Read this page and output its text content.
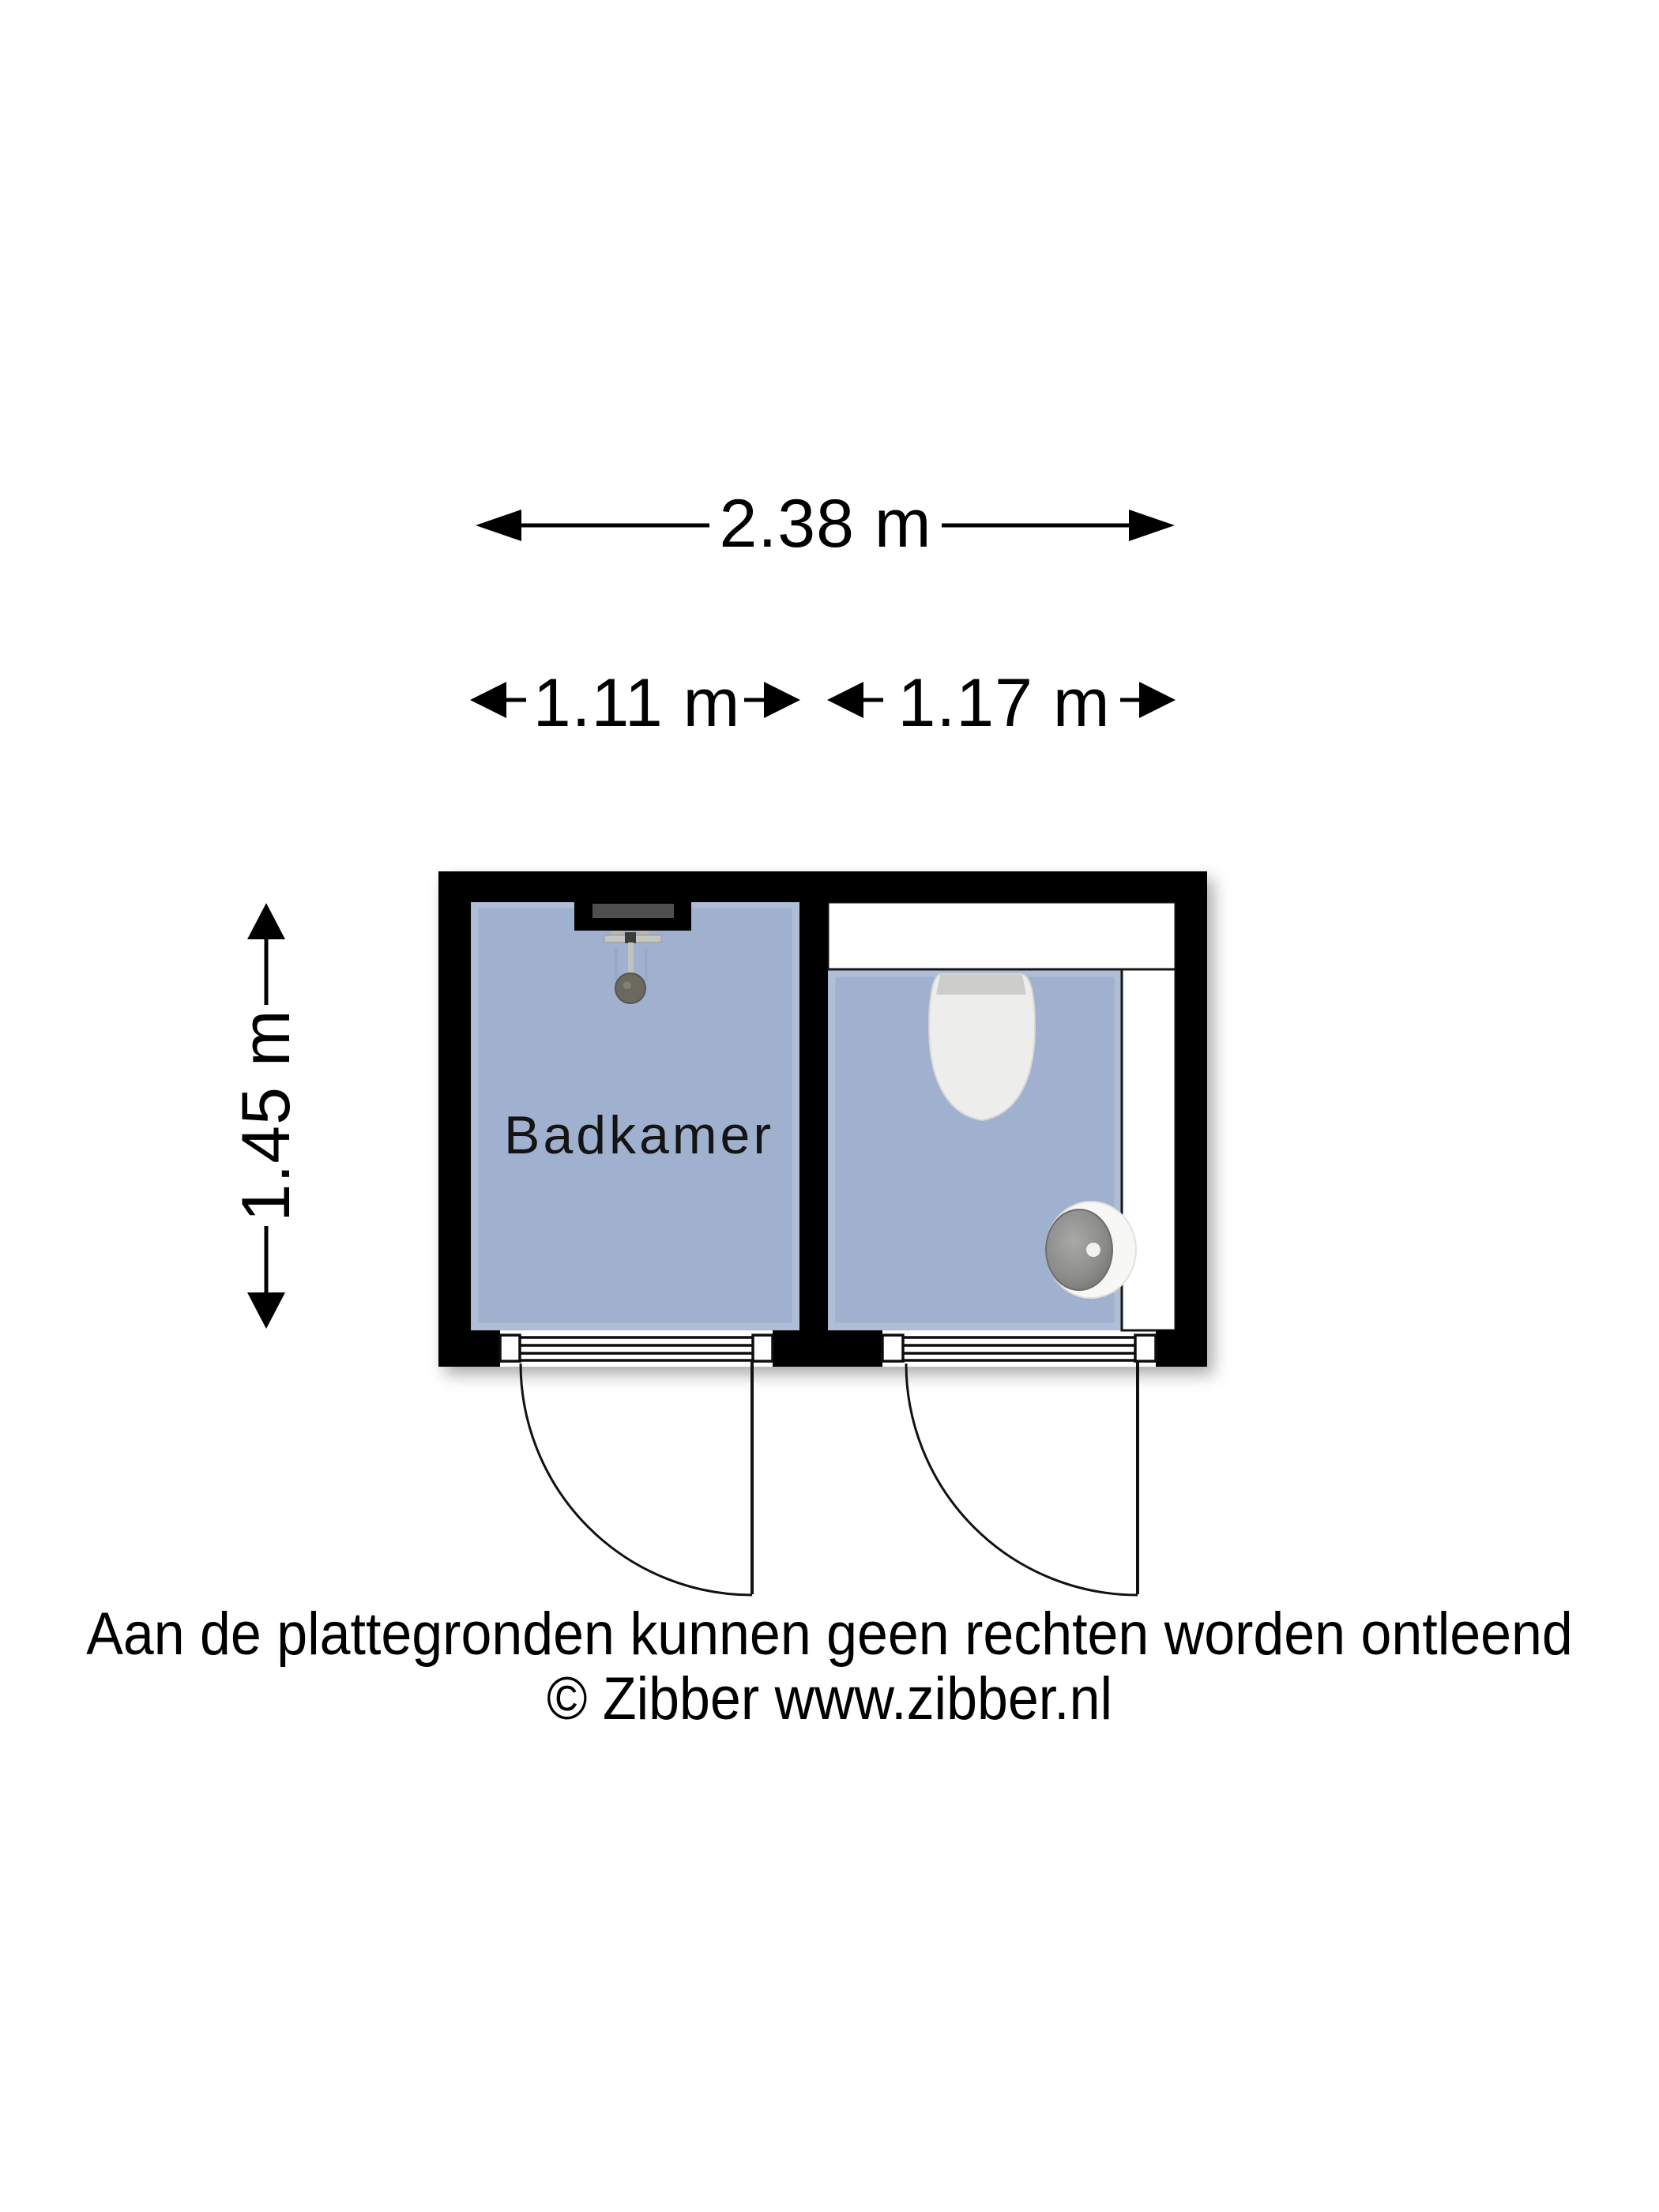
2.38 m
1.11 m 1.17 m
1.45 m	Badkamer
Aan de plattegronden kunnen geen rechten worden ontleend
© Zibber www.zibber.nl
